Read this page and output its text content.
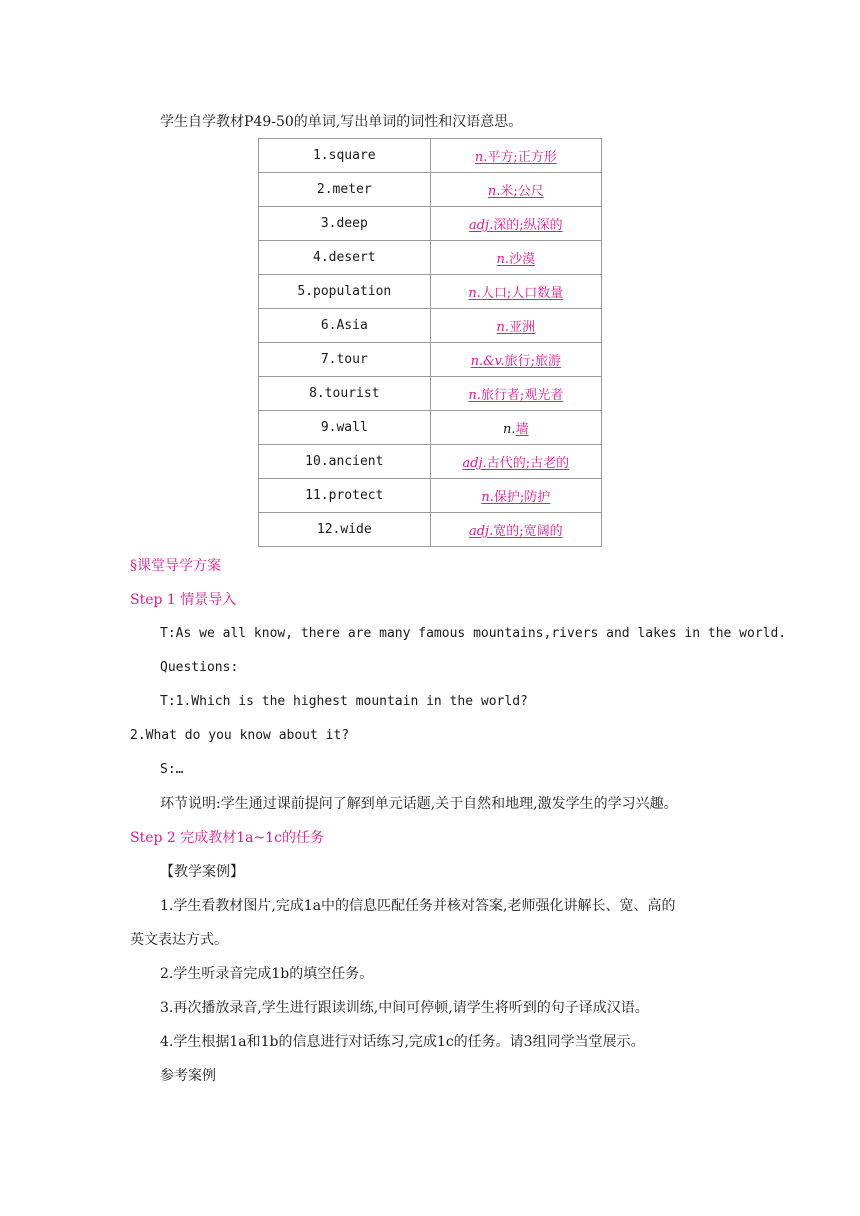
学生自学教材P49-50的单词,写出单词的词性和汉语意思。
1.square	n.平方;正方形
2.meter	n.米;公尺
3.deep	adj.深的;纵深的
4.desert	n.沙漠
5.population	n.人口;人口数量
6.Asia	n.亚洲
7.tour	n.&v.旅行;旅游
8.tourist	n.旅行者;观光者
9.wall	n.墙
10.ancient	adj.古代的;古老的
11.protect	n.保护;防护
12.wide	adj.宽的;宽阔的
§课堂导学方案
Step 1 情景导入
T:As we all know, there are many famous mountains,rivers and lakes in the world.
Questions:
T:1.Which is the highest mountain in the world?
2.What do you know about it?
S:…
环节说明:学生通过课前提问了解到单元话题,关于自然和地理,激发学生的学习兴趣。
Step 2 完成教材1a~1c的任务
【教学案例】
1.学生看教材图片,完成1a中的信息匹配任务并核对答案,老师强化讲解长、宽、高的
英文表达方式。
2.学生听录音完成1b的填空任务。
3.再次播放录音,学生进行跟读训练,中间可停顿,请学生将听到的句子译成汉语。
4.学生根据1a和1b的信息进行对话练习,完成1c的任务。请3组同学当堂展示。
参考案例
